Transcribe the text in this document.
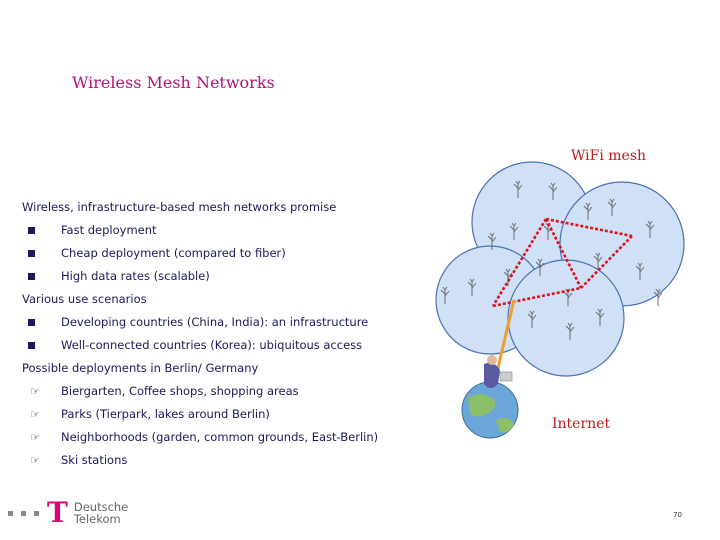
Wireless Mesh Networks

Wireless, infrastructure-based mesh networks promise

Fast deployment

Cheap deployment (compared to fiber)

High data rates (scalable)

Various use scenarios

Developing countries (China, India): an infrastructure

Well-connected countries (Korea): ubiquitous access

Possible deployments in Berlin/ Germany

☞ Biergarten, Coffee shops, shopping areas

☞ Parks (Tierpark, lakes around Berlin)

☞ Neighborhoods (garden, common grounds, East-Berlin)

☞ Ski stations

WiFi mesh
Internet
T Deutsche
Telekom	70
